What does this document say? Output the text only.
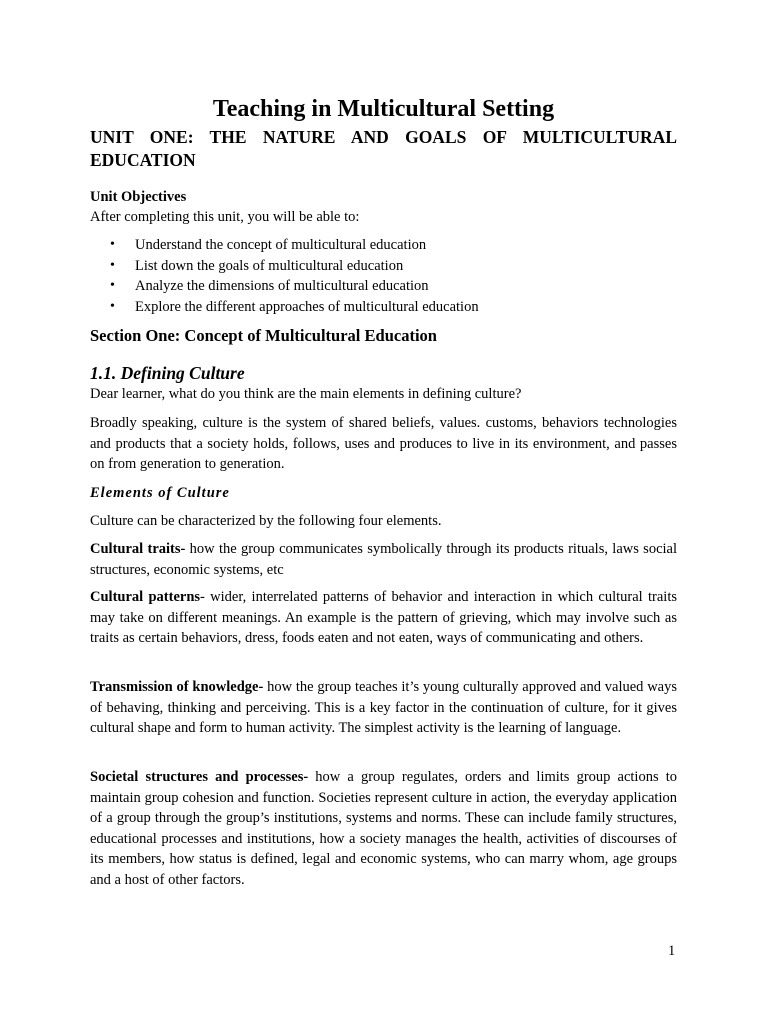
Teaching in Multicultural Setting
UNIT ONE: THE NATURE AND GOALS OF MULTICULTURAL EDUCATION
Unit Objectives
After completing this unit, you will be able to:
• Understand the concept of multicultural education
• List down the goals of multicultural education
• Analyze the dimensions of multicultural education
• Explore the different approaches of multicultural education
Section One: Concept of Multicultural Education
1.1. Defining Culture
Dear learner, what do you think are the main elements in defining culture?
Broadly speaking, culture is the system of shared beliefs, values. customs, behaviors technologies and products that a society holds, follows, uses and produces to live in its environment, and passes on from generation to generation.
Elements of Culture
Culture can be characterized by the following four elements.
Cultural traits- how the group communicates symbolically through its products rituals, laws social structures, economic systems, etc
Cultural patterns- wider, interrelated patterns of behavior and interaction in which cultural traits may take on different meanings. An example is the pattern of grieving, which may involve such as traits as certain behaviors, dress, foods eaten and not eaten, ways of communicating and others.
Transmission of knowledge- how the group teaches it’s young culturally approved and valued ways of behaving, thinking and perceiving. This is a key factor in the continuation of culture, for it gives cultural shape and form to human activity. The simplest activity is the learning of language.
Societal structures and processes- how a group regulates, orders and limits group actions to maintain group cohesion and function. Societies represent culture in action, the everyday application of a group through the group’s institutions, systems and norms. These can include family structures, educational processes and institutions, how a society manages the health, activities of discourses of its members, how status is defined, legal and economic systems, who can marry whom, age groups and a host of other factors.
1
